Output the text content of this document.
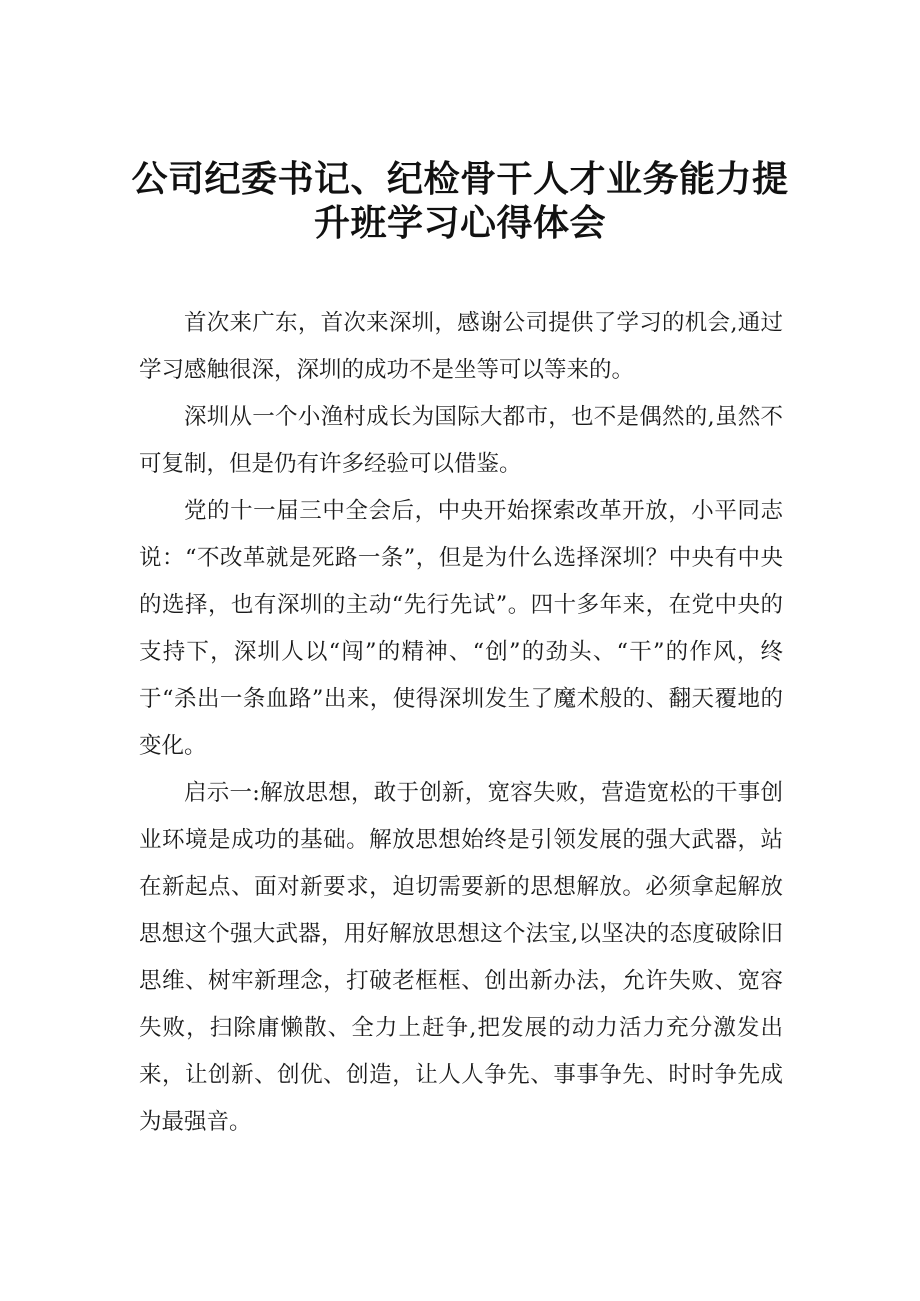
公司纪委书记、纪检骨干人才业务能力提
升班学习心得体会

首次来广东，首次来深圳，感谢公司提供了学习的机会,通过学习感触很深，深圳的成功不是坐等可以等来的。

深圳从一个小渔村成长为国际大都市，也不是偶然的,虽然不可复制，但是仍有许多经验可以借鉴。

党的十一届三中全会后，中央开始探索改革开放，小平同志说：“不改革就是死路一条”，但是为什么选择深圳？中央有中央的选择，也有深圳的主动“先行先试”。四十多年来，在党中央的支持下，深圳人以“闯”的精神、“创”的劲头、“干”的作风，终于“杀出一条血路”出来，使得深圳发生了魔术般的、翻天覆地的变化。

启示一:解放思想，敢于创新，宽容失败，营造宽松的干事创业环境是成功的基础。解放思想始终是引领发展的强大武器，站在新起点、面对新要求，迫切需要新的思想解放。必须拿起解放思想这个强大武器，用好解放思想这个法宝,以坚决的态度破除旧思维、树牢新理念，打破老框框、创出新办法，允许失败、宽容失败，扫除庸懒散、全力上赶争,把发展的动力活力充分激发出来，让创新、创优、创造，让人人争先、事事争先、时时争先成为最强音。
